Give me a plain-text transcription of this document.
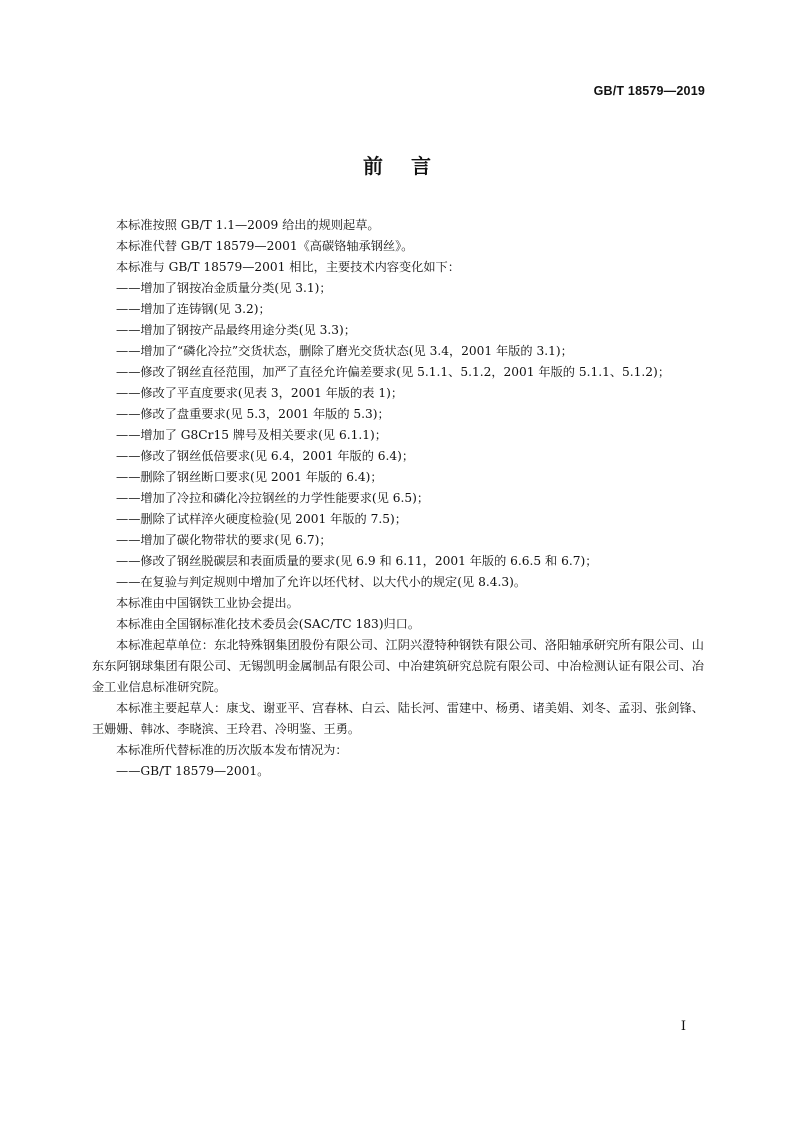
GB/T 18579—2019
前言

本标准按照 GB/T 1.1—2009 给出的规则起草。

本标准代替 GB/T 18579—2001《高碳铬轴承钢丝》。

本标准与 GB/T 18579—2001 相比，主要技术内容变化如下：

——增加了钢按冶金质量分类(见 3.1)；

——增加了连铸钢(见 3.2)；

——增加了钢按产品最终用途分类(见 3.3)；

——增加了“磷化冷拉”交货状态，删除了磨光交货状态(见 3.4，2001 年版的 3.1)；

——修改了钢丝直径范围，加严了直径允许偏差要求(见 5.1.1、5.1.2，2001 年版的 5.1.1、5.1.2)；

——修改了平直度要求(见表 3，2001 年版的表 1)；

——修改了盘重要求(见 5.3，2001 年版的 5.3)；

——增加了 G8Cr15 牌号及相关要求(见 6.1.1)；

——修改了钢丝低倍要求(见 6.4，2001 年版的 6.4)；

——删除了钢丝断口要求(见 2001 年版的 6.4)；

——增加了冷拉和磷化冷拉钢丝的力学性能要求(见 6.5)；

——删除了试样淬火硬度检验(见 2001 年版的 7.5)；

——增加了碳化物带状的要求(见 6.7)；

——修改了钢丝脱碳层和表面质量的要求(见 6.9 和 6.11，2001 年版的 6.6.5 和 6.7)；

——在复验与判定规则中增加了允许以坯代材、以大代小的规定(见 8.4.3)。

本标准由中国钢铁工业协会提出。

本标准由全国钢标准化技术委员会(SAC/TC 183)归口。

本标准起草单位：东北特殊钢集团股份有限公司、江阴兴澄特种钢铁有限公司、洛阳轴承研究所有限公司、山东东阿钢球集团有限公司、无锡凯明金属制品有限公司、中冶建筑研究总院有限公司、中冶检测认证有限公司、冶金工业信息标准研究院。

本标准主要起草人：康戈、谢亚平、宫春林、白云、陆长河、雷建中、杨勇、诸美娟、刘冬、孟羽、张剑锋、王姗姗、韩冰、李晓滨、王玲君、冷明鉴、王勇。

本标准所代替标准的历次版本发布情况为：

——GB/T 18579—2001。

I
